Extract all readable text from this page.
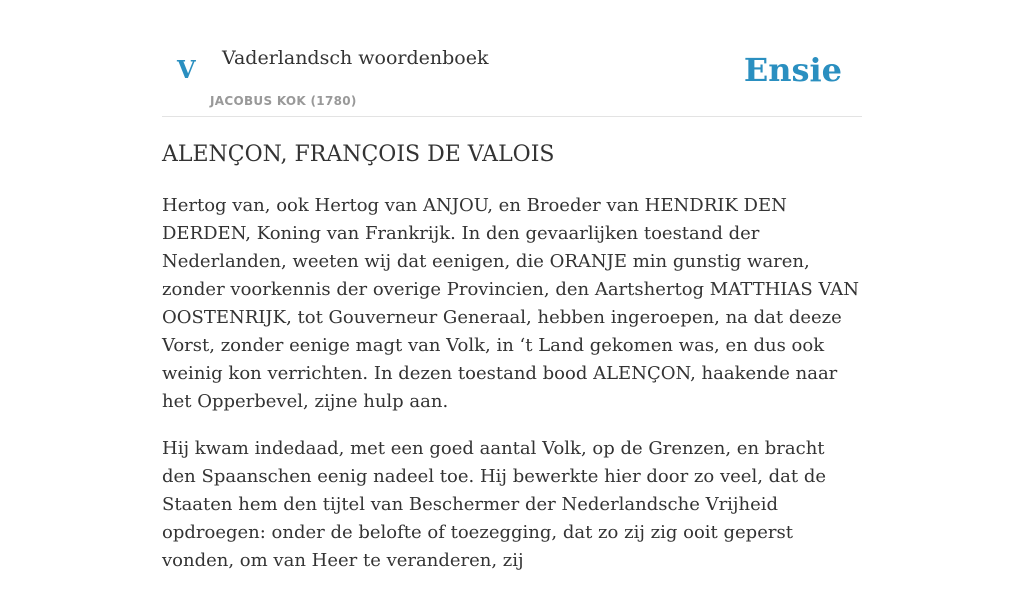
V Vaderlandsch woordenboek
JACOBUS KOK (1780)
Ensie
ALENÇON, FRANÇOIS DE VALOIS

Hertog van, ook Hertog van ANJOU, en Broeder van HENDRIK DEN DERDEN, Koning van Frankrijk. In den gevaarlijken toestand der Nederlanden, weeten wij dat eenigen, die ORANJE min gunstig waren, zonder voorkennis der overige Provincien, den Aartshertog MATTHIAS VAN OOSTENRIJK, tot Gouverneur Generaal, hebben ingeroepen, na dat deeze Vorst, zonder eenige magt van Volk, in ‘t Land gekomen was, en dus ook weinig kon verrichten. In dezen toestand bood ALENÇON, haakende naar het Opperbevel, zijne hulp aan.

Hij kwam indedaad, met een goed aantal Volk, op de Grenzen, en bracht den Spaanschen eenig nadeel toe. Hij bewerkte hier door zo veel, dat de Staaten hem den tijtel van Beschermer der Nederlandsche Vrijheid opdroegen: onder de belofte of toezegging, dat zo zij zig ooit geperst vonden, om van Heer te veranderen, zij
